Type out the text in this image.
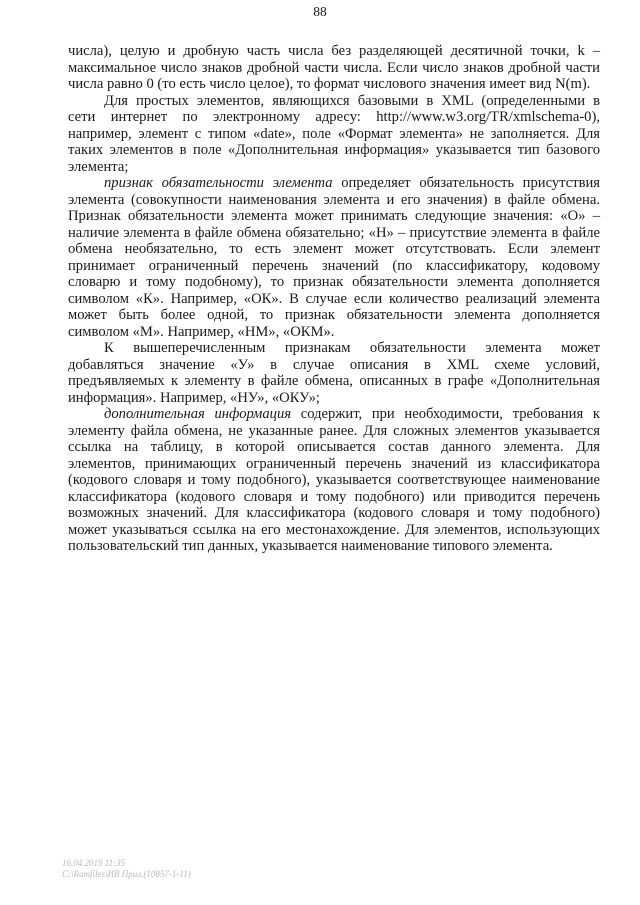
88
числа), целую и дробную часть числа без разделяющей десятичной точки, k –
максимальное число знаков дробной части числа. Если число знаков дробной части
числа равно 0 (то есть число целое), то формат числового значения имеет вид N(m).
Для простых элементов, являющихся базовыми в XML (определенными в
сети интернет по электронному адресу: http://www.w3.org/TR/xmlschema-0),
например, элемент с типом «date», поле «Формат элемента» не заполняется. Для
таких элементов в поле «Дополнительная информация» указывается тип базового
элемента;
признак обязательности элемента определяет обязательность присутствия
элемента (совокупности наименования элемента и его значения) в файле обмена.
Признак обязательности элемента может принимать следующие значения: «О» –
наличие элемента в файле обмена обязательно; «Н» – присутствие элемента в файле
обмена необязательно, то есть элемент может отсутствовать. Если элемент
принимает ограниченный перечень значений (по классификатору, кодовому
словарю и тому подобному), то признак обязательности элемента дополняется
символом «К». Например, «ОК». В случае если количество реализаций элемента
может быть более одной, то признак обязательности элемента дополняется
символом «М». Например, «НМ», «ОКМ».
К вышеперечисленным признакам обязательности элемента может
добавляться значение «У» в случае описания в XML схеме условий,
предъявляемых к элементу в файле обмена, описанных в графе «Дополнительная
информация». Например, «НУ», «ОКУ»;
дополнительная информация содержит, при необходимости, требования к
элементу файла обмена, не указанные ранее. Для сложных элементов указывается
ссылка на таблицу, в которой описывается состав данного элемента. Для
элементов, принимающих ограниченный перечень значений из классификатора
(кодового словаря и тому подобного), указывается соответствующее наименование
классификатора (кодового словаря и тому подобного) или приводится перечень
возможных значений. Для классификатора (кодового словаря и тому подобного)
может указываться ссылка на его местонахождение. Для элементов, использующих
пользовательский тип данных, указывается наименование типового элемента.
16.04.2019 11:35
С:\Ramfiles\ИВ Прил.(10857-1-11)
